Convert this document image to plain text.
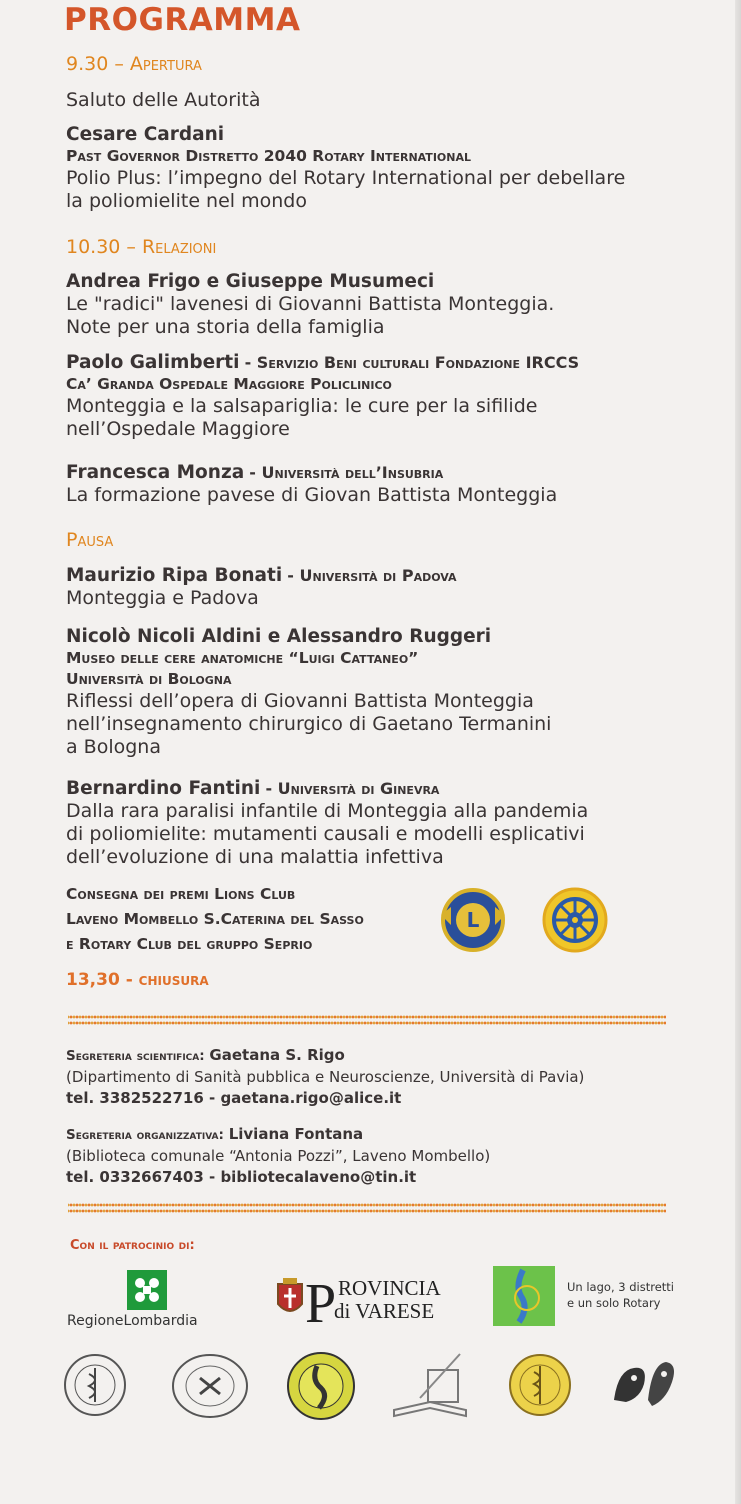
PROGRAMMA
9.30 – Apertura
Saluto delle Autorità
Cesare Cardani
Past Governor Distretto 2040 Rotary International
Polio Plus: l’impegno del Rotary International per debellare
la poliomielite nel mondo
10.30 – Relazioni
Andrea Frigo e Giuseppe Musumeci
Le "radici" lavenesi di Giovanni Battista Monteggia.
Note per una storia della famiglia
Paolo Galimberti - Servizio Beni culturali Fondazione IRCCS
Ca’ Granda Ospedale Maggiore Policlinico
Monteggia e la salsapariglia: le cure per la sifilide
nell’Ospedale Maggiore
Francesca Monza - Università dell’Insubria
La formazione pavese di Giovan Battista Monteggia
Pausa
Maurizio Ripa Bonati - Università di Padova
Monteggia e Padova
Nicolò Nicoli Aldini e Alessandro Ruggeri
Museo delle cere anatomiche “Luigi Cattaneo”
Università di Bologna
Riflessi dell’opera di Giovanni Battista Monteggia
nell’insegnamento chirurgico di Gaetano Termanini
a Bologna
Bernardino Fantini - Università di Ginevra
Dalla rara paralisi infantile di Monteggia alla pandemia
di poliomielite: mutamenti causali e modelli esplicativi
dell’evoluzione di una malattia infettiva
Consegna dei premi Lions Club
Laveno Mombello S.Caterina del Sasso
e Rotary Club del gruppo Seprio
L
13,30 - chiusura
Segreteria scientifica: Gaetana S. Rigo
(Dipartimento di Sanità pubblica e Neuroscienze, Università di Pavia)
tel. 3382522716 - gaetana.rigo@alice.it
Segreteria organizzativa: Liviana Fontana
(Biblioteca comunale “Antonia Pozzi”, Laveno Mombello)
tel. 0332667403 - bibliotecalaveno@tin.it
Con il patrocinio di:
RegioneLombardia P ROVINCIA
di VARESE
Un lago, 3 distretti
e un solo Rotary
